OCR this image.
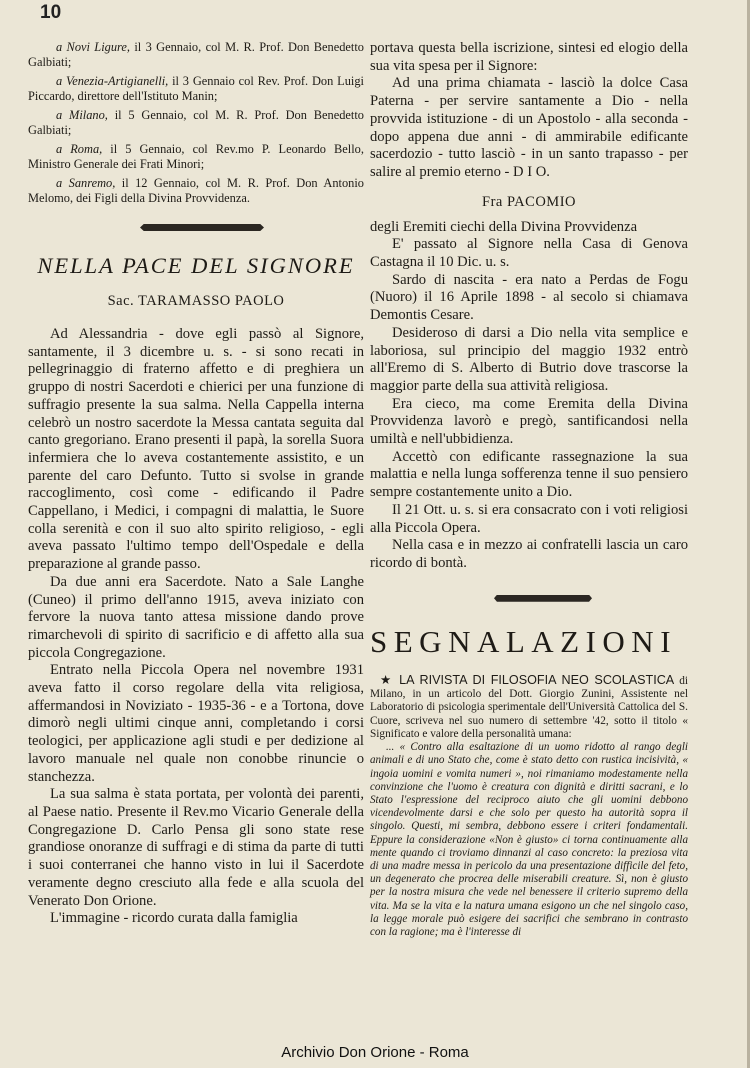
10

a Novi Ligure, il 3 Gennaio, col M. R. Prof. Don Benedetto Galbiati;

a Venezia-Artigianelli, il 3 Gennaio col Rev. Prof. Don Luigi Piccardo, direttore dell'Istituto Manin;

a Milano, il 5 Gennaio, col M. R. Prof. Don Benedetto Galbiati;

a Roma, il 5 Gennaio, col Rev.mo P. Leonardo Bello, Ministro Generale dei Frati Minori;

a Sanremo, il 12 Gennaio, col M. R. Prof. Don Antonio Melomo, dei Figli della Divina Provvidenza.

NELLA PACE DEL SIGNORE
Sac. TARAMASSO PAOLO

Ad Alessandria - dove egli passò al Signore, santamente, il 3 dicembre u. s. - si sono recati in pellegrinaggio di fraterno affetto e di preghiera un gruppo di nostri Sacerdoti e chierici per una funzione di suffragio presente la sua salma. Nella Cappella interna celebrò un nostro sacerdote la Messa cantata seguita dal canto gregoriano. Erano presenti il papà, la sorella Suora infermiera che lo aveva costantemente assistito, e un parente del caro Defunto. Tutto si svolse in grande raccoglimento, così come - edificando il Padre Cappellano, i Medici, i compagni di malattia, le Suore colla serenità e con il suo alto spirito religioso, - egli aveva passato l'ultimo tempo dell'Ospedale e della preparazione al grande passo.

Da due anni era Sacerdote. Nato a Sale Langhe (Cuneo) il primo dell'anno 1915, aveva iniziato con fervore la nuova tanto attesa missione dando prove rimarchevoli di spirito di sacrificio e di affetto alla sua piccola Congregazione.

Entrato nella Piccola Opera nel novembre 1931 aveva fatto il corso regolare della vita religiosa, affermandosi in Noviziato - 1935-36 - e a Tortona, dove dimorò negli ultimi cinque anni, completando i corsi teologici, per applicazione agli studi e per dedizione al lavoro manuale nel quale non conobbe rinuncie o stanchezza.

La sua salma è stata portata, per volontà dei parenti, al Paese natio. Presente il Rev.mo Vicario Generale della Congregazione D. Carlo Pensa gli sono state rese grandiose onoranze di suffragi e di stima da parte di tutti i suoi conterranei che hanno visto in lui il Sacerdote veramente degno cresciuto alla fede e alla scuola del Venerato Don Orione.

L'immagine - ricordo curata dalla famiglia

portava questa bella iscrizione, sintesi ed elogio della sua vita spesa per il Signore:

Ad una prima chiamata - lasciò la dolce Casa Paterna - per servire santamente a Dio - nella provvida istituzione - di un Apostolo - alla seconda - dopo appena due anni - di ammirabile edificante sacerdozio - tutto lasciò - in un santo trapasso - per salire al premio eterno - D I O.

Fra PACOMIO

degli Eremiti ciechi della Divina Provvidenza

E' passato al Signore nella Casa di Genova Castagna il 10 Dic. u. s.

Sardo di nascita - era nato a Perdas de Fogu (Nuoro) il 16 Aprile 1898 - al secolo si chiamava Demontis Cesare.

Desideroso di darsi a Dio nella vita semplice e laboriosa, sul principio del maggio 1932 entrò all'Eremo di S. Alberto di Butrio dove trascorse la maggior parte della sua attività religiosa.

Era cieco, ma come Eremita della Divina Provvidenza lavorò e pregò, santificandosi nella umiltà e nell'ubbidienza.

Accettò con edificante rassegnazione la sua malattia e nella lunga sofferenza tenne il suo pensiero sempre costantemente unito a Dio.

Il 21 Ott. u. s. si era consacrato con i voti religiosi alla Piccola Opera.

Nella casa e in mezzo ai confratelli lascia un caro ricordo di bontà.

SEGNALAZIONI

★ LA RIVISTA DI FILOSOFIA NEO SCOLASTICA di Milano, in un articolo del Dott. Giorgio Zunini, Assistente nel Laboratorio di psicologia sperimentale dell'Università Cattolica del S. Cuore, scriveva nel suo numero di settembre '42, sotto il titolo « Significato e valore della personalità umana:

... « Contro alla esaltazione di un uomo ridotto al rango degli animali e di uno Stato che, come è stato detto con rustica incisività, « ingoia uomini e vomita numeri », noi rimaniamo modestamente nella convinzione che l'uomo è creatura con dignità e diritti sacrani, e lo Stato l'espressione del reciproco aiuto che gli uomini debbono vicendevolmente darsi e che solo per questo ha autorità sopra il singolo. Questi, mi sembra, debbono essere i criteri fondamentali. Eppure la considerazione «Non è giusto» ci torna continuamente alla mente quando ci troviamo dinnanzi al caso concreto: la preziosa vita di una madre messa in pericolo da una presentazione difficile del feto, un degenerato che procrea delle miserabili creature. Sì, non è giusto per la nostra misura che vede nel benessere il criterio supremo della vita. Ma se la vita e la natura umana esigono un che nel singolo caso, la legge morale può esigere dei sacrifici che sembrano in contrasto con la ragione; ma è l'interesse di

Archivio Don Orione - Roma
